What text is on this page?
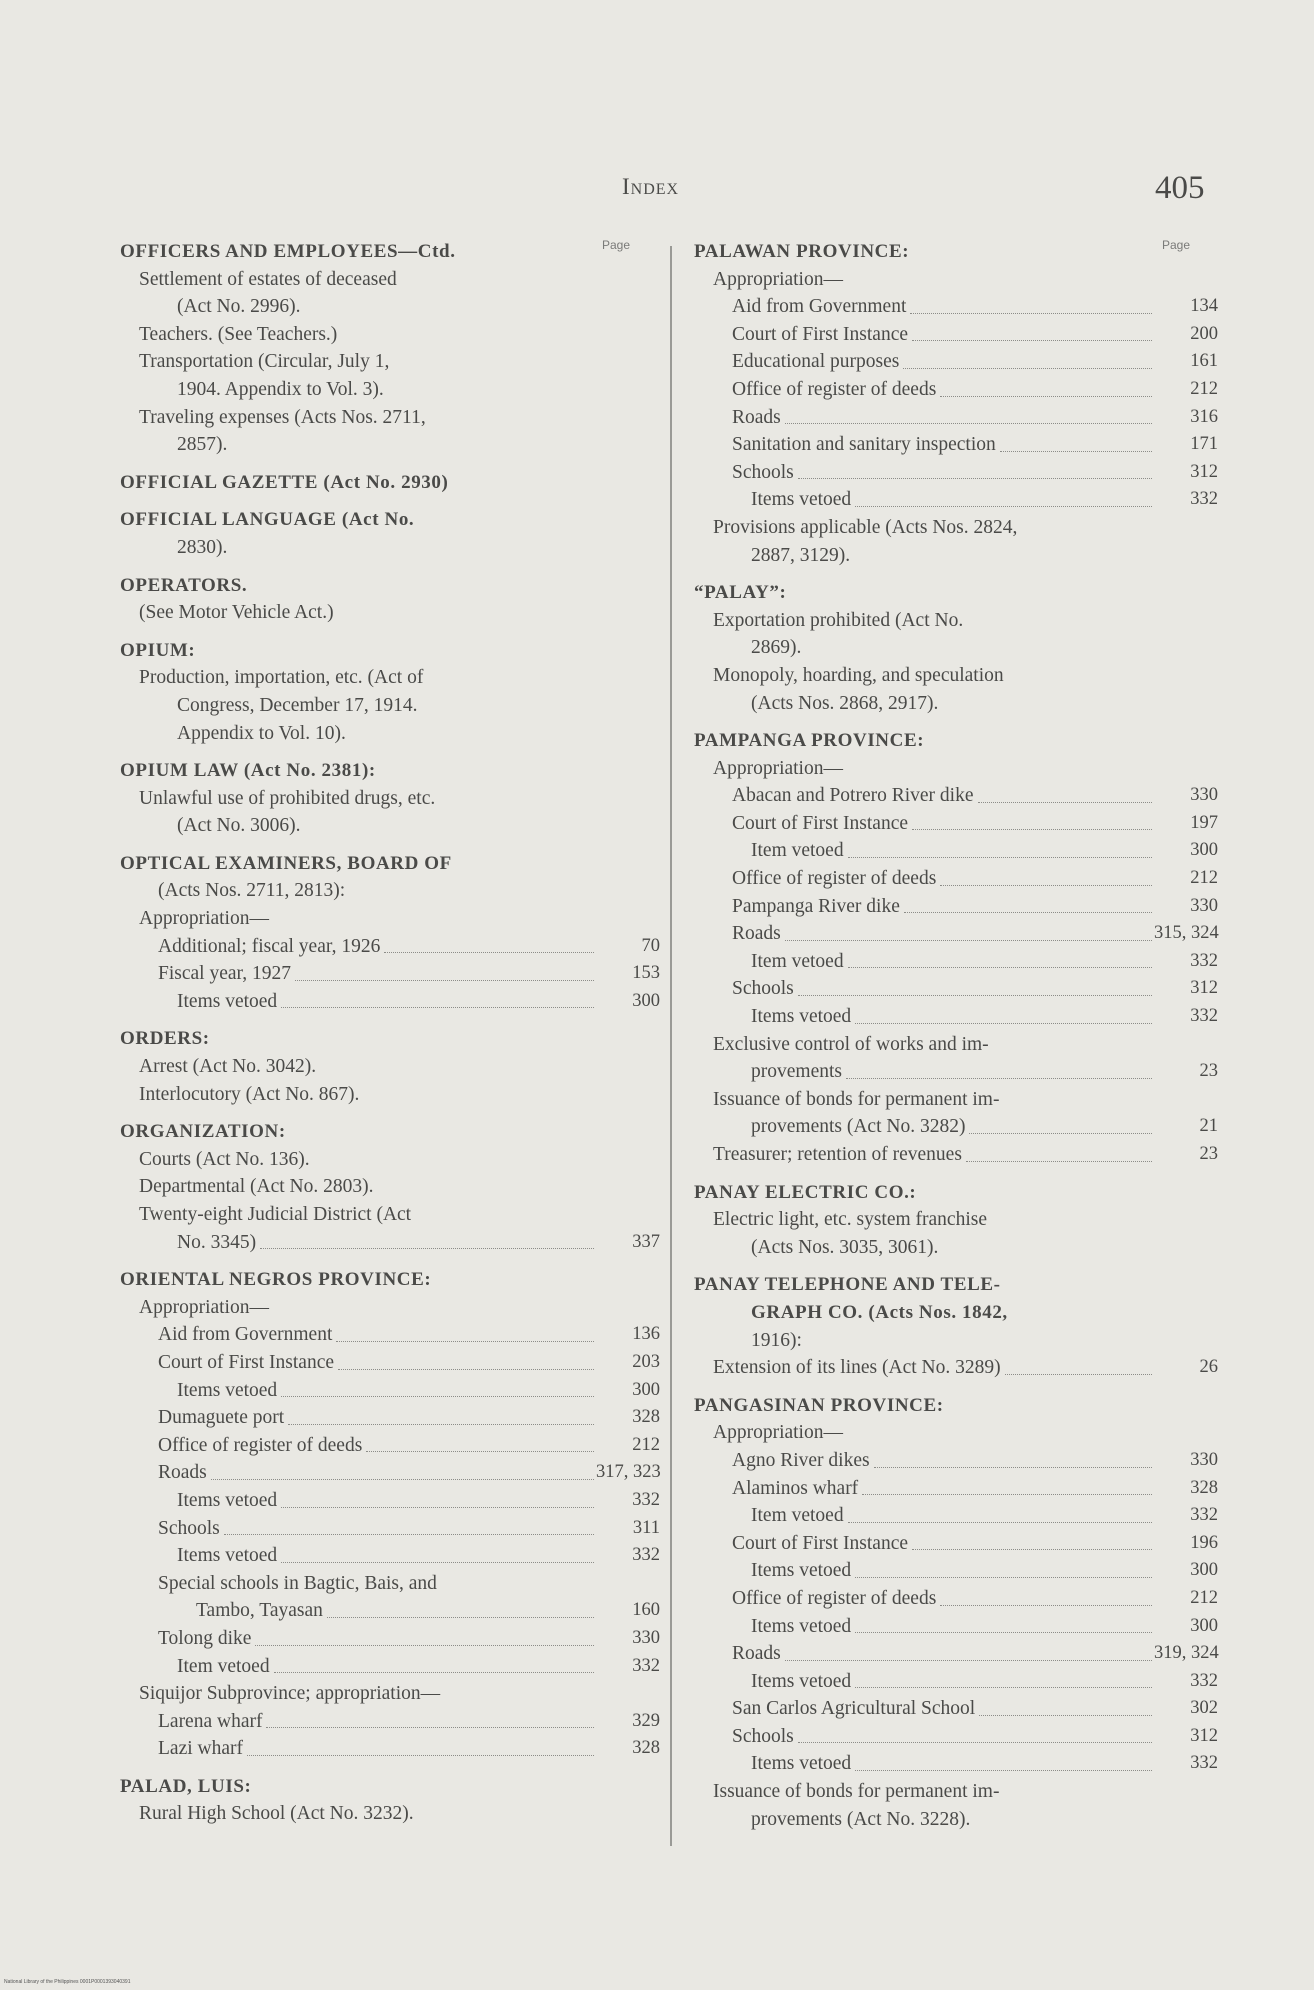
Index	405
Page
OFFICERS AND EMPLOYEES—Ctd.
Settlement of estates of deceased
(Act No. 2996).
Teachers. (See Teachers.)
Transportation (Circular, July 1,
1904. Appendix to Vol. 3).
Traveling expenses (Acts Nos. 2711,
2857).
OFFICIAL GAZETTE (Act No. 2930)
OFFICIAL LANGUAGE (Act No.
2830).
OPERATORS.
(See Motor Vehicle Act.)
OPIUM:
Production, importation, etc. (Act of
Congress, December 17, 1914.
Appendix to Vol. 10).
OPIUM LAW (Act No. 2381):
Unlawful use of prohibited drugs, etc.
(Act No. 3006).
OPTICAL EXAMINERS, BOARD OF
(Acts Nos. 2711, 2813):
Appropriation—
Additional; fiscal year, 1926	70
Fiscal year, 1927	153
Items vetoed	300
ORDERS:
Arrest (Act No. 3042).
Interlocutory (Act No. 867).
ORGANIZATION:
Courts (Act No. 136).
Departmental (Act No. 2803).
Twenty-eight Judicial District (Act
No. 3345)	337
ORIENTAL NEGROS PROVINCE:
Appropriation—
Aid from Government	136
Court of First Instance	203
Items vetoed	300
Dumaguete port	328
Office of register of deeds	212
Roads	317, 323
Items vetoed	332
Schools	311
Items vetoed	332
Special schools in Bagtic, Bais, and
Tambo, Tayasan	160
Tolong dike	330
Item vetoed	332
Siquijor Subprovince; appropriation—
Larena wharf	329
Lazi wharf	328
PALAD, LUIS:
Rural High School (Act No. 3232).
Page
PALAWAN PROVINCE:
Appropriation—
Aid from Government	134
Court of First Instance	200
Educational purposes	161
Office of register of deeds	212
Roads	316
Sanitation and sanitary inspection	171
Schools	312
Items vetoed	332
Provisions applicable (Acts Nos. 2824,
2887, 3129).
“PALAY”:
Exportation prohibited (Act No.
2869).
Monopoly, hoarding, and speculation
(Acts Nos. 2868, 2917).
PAMPANGA PROVINCE:
Appropriation—
Abacan and Potrero River dike	330
Court of First Instance	197
Item vetoed	300
Office of register of deeds	212
Pampanga River dike	330
Roads	315, 324
Item vetoed	332
Schools	312
Items vetoed	332
Exclusive control of works and im-
provements	23
Issuance of bonds for permanent im-
provements (Act No. 3282)	21
Treasurer; retention of revenues	23
PANAY ELECTRIC CO.:
Electric light, etc. system franchise
(Acts Nos. 3035, 3061).
PANAY TELEPHONE AND TELE-
GRAPH CO. (Acts Nos. 1842,
1916):
Extension of its lines (Act No. 3289)	26
PANGASINAN PROVINCE:
Appropriation—
Agno River dikes	330
Alaminos wharf	328
Item vetoed	332
Court of First Instance	196
Items vetoed	300
Office of register of deeds	212
Items vetoed	300
Roads	319, 324
Items vetoed	332
San Carlos Agricultural School	302
Schools	312
Items vetoed	332
Issuance of bonds for permanent im-
provements (Act No. 3228).
National Library of the Philippines 0001P0001393040391
